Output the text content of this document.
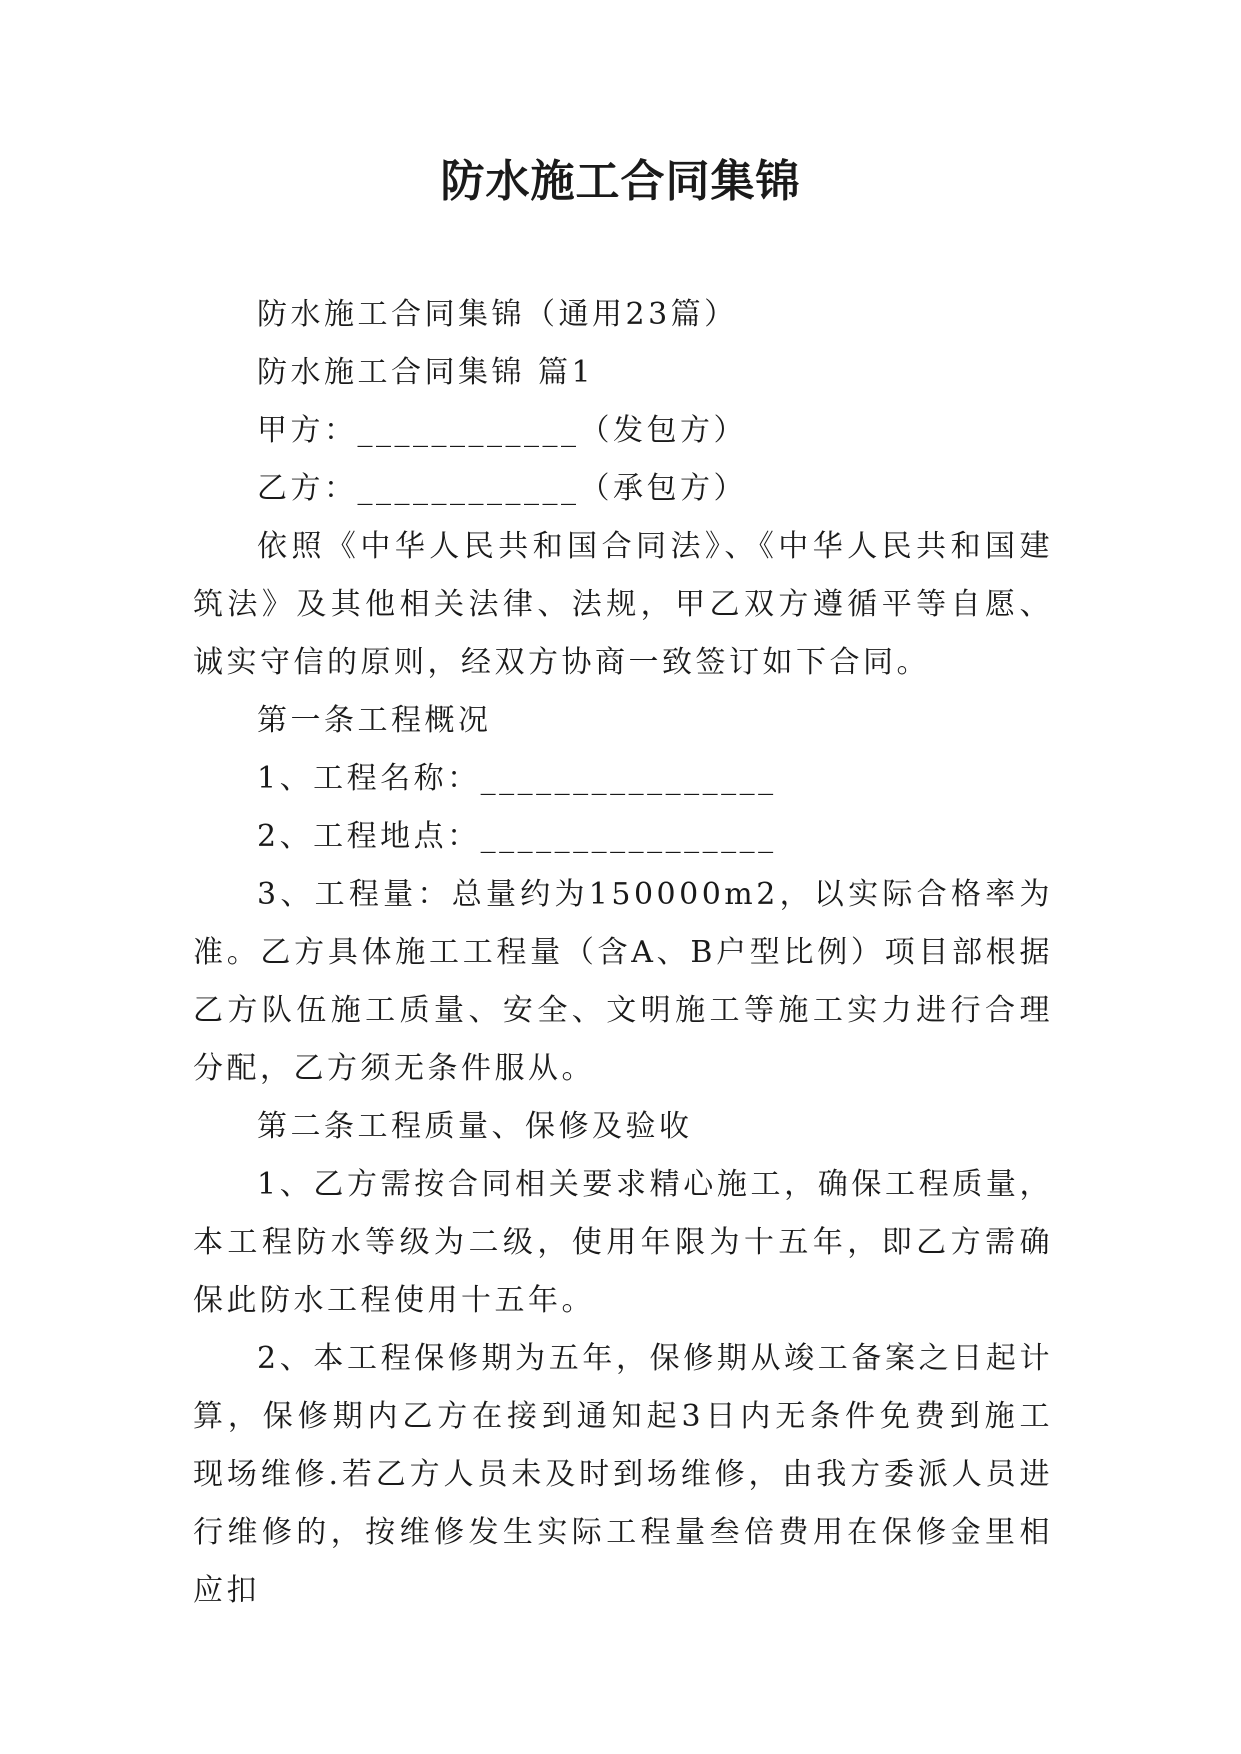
防水施工合同集锦

防水施工合同集锦（通用23篇）

防水施工合同集锦 篇1

甲方：____________（发包方）

乙方：____________（承包方）

依照《中华人民共和国合同法》、《中华人民共和国建筑法》及其他相关法律、法规，甲乙双方遵循平等自愿、诚实守信的原则，经双方协商一致签订如下合同。

第一条工程概况

1、工程名称：________________

2、工程地点：________________

3、工程量：总量约为150000m2，以实际合格率为准。乙方具体施工工程量（含A、B户型比例）项目部根据乙方队伍施工质量、安全、文明施工等施工实力进行合理分配，乙方须无条件服从。

第二条工程质量、保修及验收

1、乙方需按合同相关要求精心施工，确保工程质量，本工程防水等级为二级，使用年限为十五年，即乙方需确保此防水工程使用十五年。

2、本工程保修期为五年，保修期从竣工备案之日起计算，保修期内乙方在接到通知起3日内无条件免费到施工现场维修.若乙方人员未及时到场维修，由我方委派人员进行维修的，按维修发生实际工程量叁倍费用在保修金里相应扣
